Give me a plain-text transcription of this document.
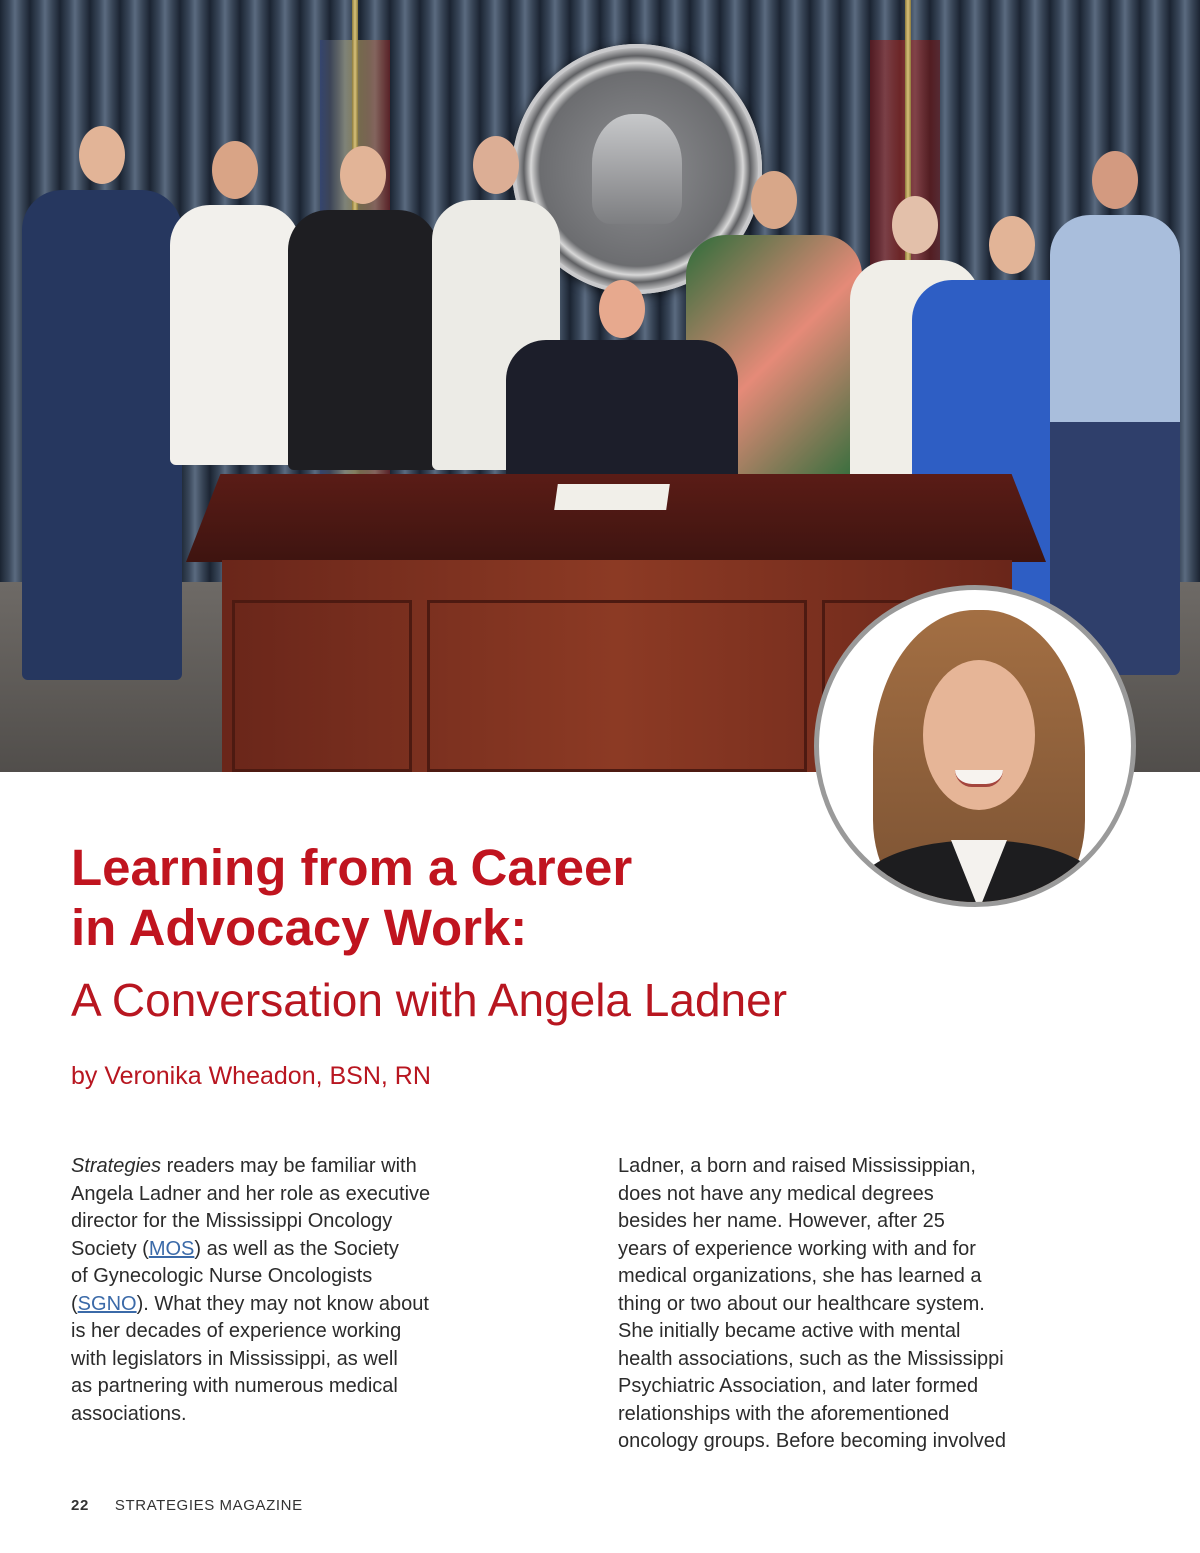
Learning from a Career
in Advocacy Work:
A Conversation with Angela Ladner

by Veronika Wheadon, BSN, RN

Strategies readers may be familiar with
Angela Ladner and her role as executive
director for the Mississippi Oncology
Society (MOS) as well as the Society
of Gynecologic Nurse Oncologists
(SGNO). What they may not know about
is her decades of experience working
with legislators in Mississippi, as well
as partnering with numerous medical
associations.
Ladner, a born and raised Mississippian,
does not have any medical degrees
besides her name. However, after 25
years of experience working with and for
medical organizations, she has learned a
thing or two about our healthcare system.
She initially became active with mental
health associations, such as the Mississippi
Psychiatric Association, and later formed
relationships with the aforementioned
oncology groups. Before becoming involved
22 STRATEGIES MAGAZINE
